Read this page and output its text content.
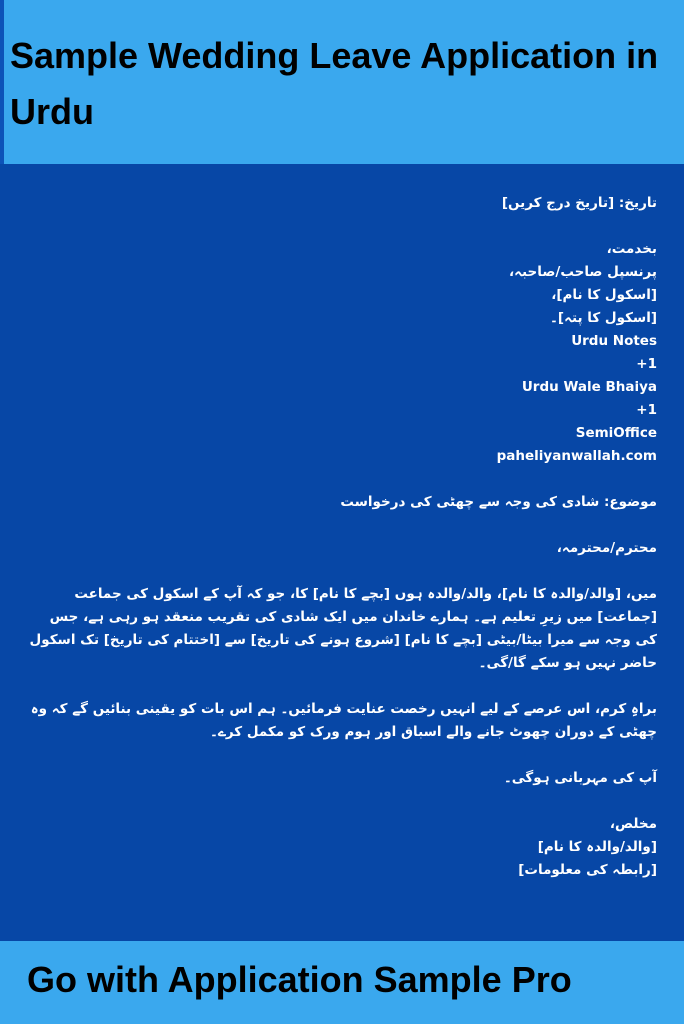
Sample Wedding Leave Application in Urdu
تاریخ: [تاریخ درج کریں]
بخدمت،
پرنسپل صاحب/صاحبہ،
[اسکول کا نام]،
[اسکول کا پتہ]۔
Urdu Notes
+1
Urdu Wale Bhaiya
+1
SemiOffice
paheliyanwallah.com
موضوع: شادی کی وجہ سے چھٹی کی درخواست
محترم/محترمہ،
میں، [والد/والدہ کا نام]، والد/والدہ ہوں [بچے کا نام] کا، جو کہ آپ کے اسکول کی جماعت [جماعت] میں زیرِ تعلیم ہے۔ ہمارے خاندان میں ایک شادی کی تقریب منعقد ہو رہی ہے، جس کی وجہ سے میرا بیٹا/بیٹی [بچے کا نام] [شروع ہونے کی تاریخ] سے [اختتام کی تاریخ] تک اسکول حاضر نہیں ہو سکے گا/گی۔
براہِ کرم، اس عرصے کے لیے انہیں رخصت عنایت فرمائیں۔ ہم اس بات کو یقینی بنائیں گے کہ وہ چھٹی کے دوران چھوٹ جانے والے اسباق اور ہوم ورک کو مکمل کرے۔
آپ کی مہربانی ہوگی۔
مخلص،
[والد/والدہ کا نام]
[رابطہ کی معلومات]
Go with Application Sample Pro
